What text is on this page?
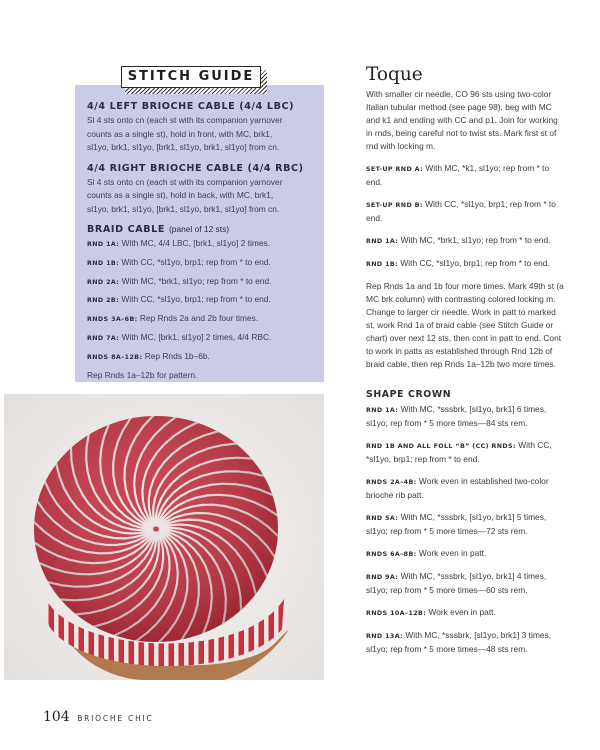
4/4 LEFT BRIOCHE CABLE (4/4 LBC)
Sl 4 sts onto cn (each st with its companion yarnover
counts as a single st), hold in front, with MC, brk1,
sl1yo, brk1, sl1yo, [brk1, sl1yo, brk1, sl1yo] from cn.
4/4 RIGHT BRIOCHE CABLE (4/4 RBC)
Sl 4 sts onto cn (each st with its companion yarnover
counts as a single st), hold in back, with MC, brk1,
sl1yo, brk1, sl1yo, [brk1, sl1yo, brk1, sl1yo] from cn.
BRAID CABLE (panel of 12 sts)
RND 1A: With MC, 4/4 LBC, [brk1, sl1yo] 2 times.
RND 1B: With CC, *sl1yo, brp1; rep from * to end.
RND 2A: With MC, *brk1, sl1yo; rep from * to end.
RND 2B: With CC, *sl1yo, brp1; rep from * to end.
RNDS 3A–6B: Rep Rnds 2a and 2b four times.
RND 7A: With MC, [brk1, sl1yo] 2 times, 4/4 RBC.
RNDS 8A–12B: Rep Rnds 1b–6b.
Rep Rnds 1a–12b for pattern.
STITCH GUIDE	Toque
With smaller cir needle, CO 96 sts using two-color Italian tubular method (see page 98), beg with MC and k1 and ending with CC and p1. Join for working in rnds, being careful not to twist sts. Mark first st of rnd with locking m.
SET-UP RND A: With MC, *k1, sl1yo; rep from * to end.
SET-UP RND B: With CC, *sl1yo, brp1; rep from * to end.
RND 1A: With MC, *brk1, sl1yo; rep from * to end.
RND 1B: With CC, *sl1yo, brp1; rep from * to end.
Rep Rnds 1a and 1b four more times. Mark 49th st (a MC brk column) with contrasting colored locking m. Change to larger cir needle. Work in patt to marked st, work Rnd 1a of braid cable (see Stitch Guide or chart) over next 12 sts, then cont in patt to end. Cont to work in patts as established through Rnd 12b of braid cable, then rep Rnds 1a–12b two more times.
SHAPE CROWN
RND 1A: With MC, *sssbrk, [sl1yo, brk1] 6 times, sl1yo; rep from * 5 more times—84 sts rem.
RND 1B AND ALL FOLL “B” (CC) RNDS: With CC, *sl1yo, brp1; rep from * to end.
RNDS 2A–4B: Work even in established two-color brioche rib patt.
RND 5A: With MC, *sssbrk, [sl1yo, brk1] 5 times, sl1yo; rep from * 5 more times—72 sts rem.
RNDS 6A–8B: Work even in patt.
RND 9A: With MC, *sssbrk, [sl1yo, brk1] 4 times, sl1yo; rep from * 5 more times—60 sts rem.
RNDS 10A–12B: Work even in patt.
RND 13A: With MC, *sssbrk, [sl1yo, brk1] 3 times, sl1yo; rep from * 5 more times—48 sts rem.
104 BRIOCHE CHIC
